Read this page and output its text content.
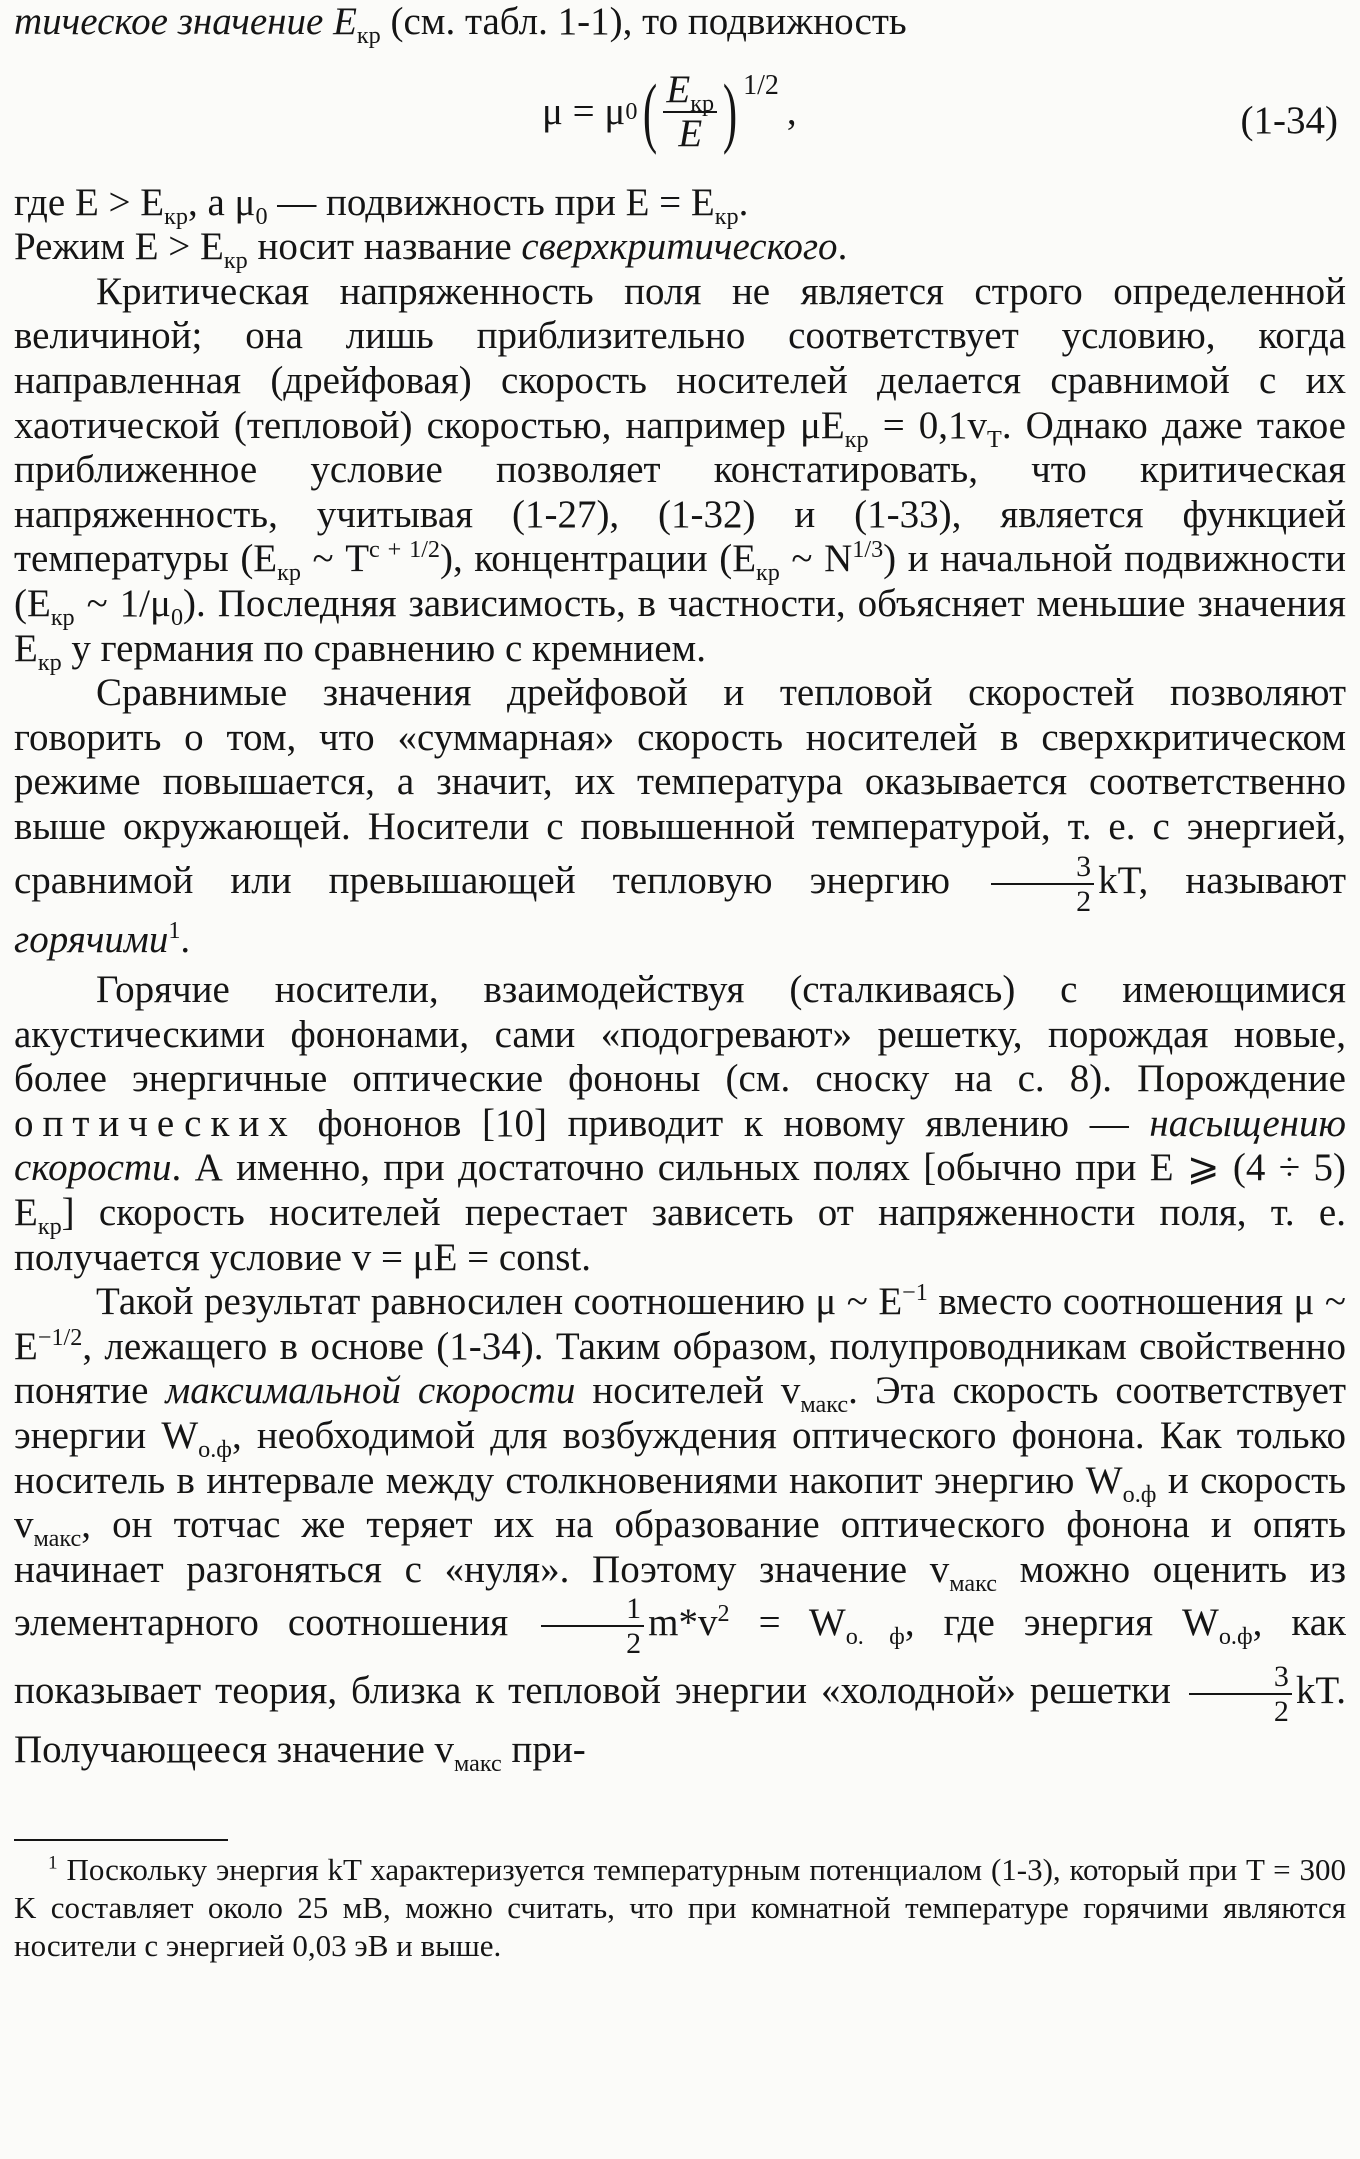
тическое значение $E_{кр}$ (см. табл. 1-1), то подвижность

μ = μ 0 ( $E_{кр}$
E )$^{1/2}$
,	(1-34)

где $E > E_{кр}$, а $\mu_0$ — подвижность при $E = E_{кр}$.
Режим $E > E_{кр}$ носит название сверхкритического.

Критическая напряженность поля не является строго определенной величиной; она лишь приблизительно соответствует условию, когда направленная (дрейфовая) скорость носителей делается сравнимой с их хаотической (тепловой) скоростью, например $\mu E_{кр} = 0,1v_T$. Однако даже такое приближенное условие позволяет констатировать, что критическая напряженность, учитывая (1-27), (1-32) и (1-33), является функцией температуры ($E_{кр}$ ~ $T^{c + 1/2}$), концентрации ($E_{кр}$ ~ $N^{1/3}$) и начальной подвижности ($E_{кр}$ ~ $1/\mu_0$). Последняя зависимость, в частности, объясняет меньшие значения $E_{кр}$ у германия по сравнению с кремнием.

Сравнимые значения дрейфовой и тепловой скоростей позволяют говорить о том, что «суммарная» скорость носителей в сверхкритическом режиме повышается, а значит, их температура оказывается соответственно выше окружающей. Носители с повышенной температурой, т. е. с энергией, сравнимой или превышающей тепловую энергию $\frac{3}{2}$ kT, называют горячими$^1$.

Горячие носители, взаимодействуя (сталкиваясь) с имеющимися акустическими фононами, сами «подогревают» решетку, порождая новые, более энергичные оптические фононы (см. сноску на с. 8). Порождение оптических фононов [10] приводит к новому явлению — насыщению скорости. А именно, при достаточно сильных полях [обычно при E ⩾ (4 ÷ 5) $E_{кр}$] скорость носителей перестает зависеть от напряженности поля, т. е. получается условие v = μE = const.

Такой результат равносилен соотношению μ ~ $E^{-1}$ вместо соотношения μ ~ $E^{-1/2}$, лежащего в основе (1-34). Таким образом, полупроводникам свойственно понятие максимальной скорости носителей $v_{макс}$. Эта скорость соответствует энергии $W_{о.ф}$, необходимой для возбуждения оптического фонона. Как только носитель в интервале между столкновениями накопит энергию $W_{о.ф}$ и скорость $v_{макс}$, он тотчас же теряет их на образование оптического фонона и опять начинает разгоняться с «нуля». Поэтому значение $v_{макс}$ можно оценить из элементарного соотношения $\frac{1}{2} m*v^2 = W_{о. ф}$, где энергия $W_{о.ф}$, как показывает теория, близка к тепловой энергии «холодной» решетки $\frac{3}{2}$ kT. Получающееся значение $v_{макс}$ при-

$^1$ Поскольку энергия kT характеризуется температурным потенциалом (1-3), который при T = 300 K составляет около 25 мВ, можно считать, что при комнатной температуре горячими являются носители с энергией 0,03 эВ и выше.
